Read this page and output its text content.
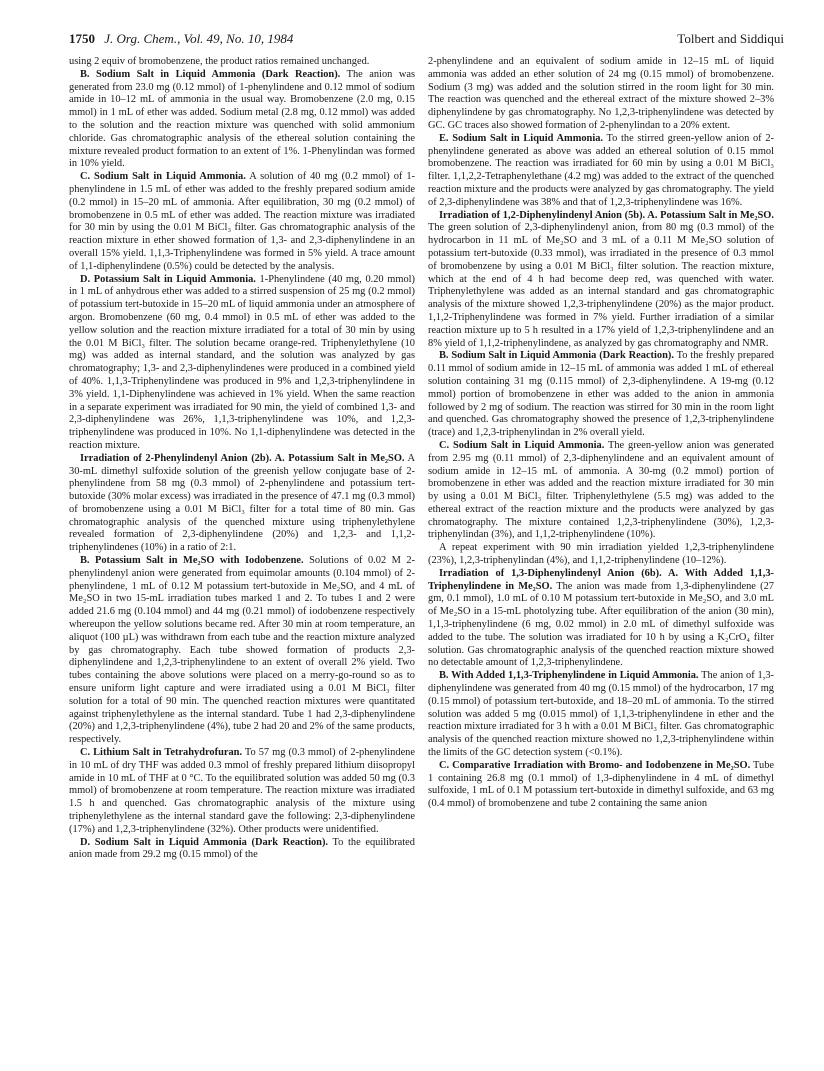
1750 J. Org. Chem., Vol. 49, No. 10, 1984	Tolbert and Siddiqui

using 2 equiv of bromobenzene, the product ratios remained unchanged.

B. Sodium Salt in Liquid Ammonia (Dark Reaction). The anion was generated from 23.0 mg (0.12 mmol) of 1-phenylindene and 0.12 mmol of sodium amide in 10–12 mL of ammonia in the usual way. Bromobenzene (2.0 mg, 0.15 mmol) in 1 mL of ether was added. Sodium metal (2.8 mg, 0.12 mmol) was added to the solution and the reaction mixture was quenched with solid ammonium chloride. Gas chromatographic analysis of the ethereal solution containing the mixture revealed product formation to an extent of 1%. 1-Phenylindan was formed in 10% yield.

C. Sodium Salt in Liquid Ammonia. A solution of 40 mg (0.2 mmol) of 1-phenylindene in 1.5 mL of ether was added to the freshly prepared sodium amide (0.2 mmol) in 15–20 mL of ammonia. After equilibration, 30 mg (0.2 mmol) of bromobenzene in 0.5 mL of ether was added. The reaction mixture was irradiated for 30 min by using the 0.01 M BiCl₃ filter. Gas chromatographic analysis of the reaction mixture in ether showed formation of 1,3- and 2,3-diphenylindene in an overall 15% yield. 1,1,3-Triphenylindene was formed in 5% yield. A trace amount of 1,1-diphenylindene (0.5%) could be detected by the analysis.

D. Potassium Salt in Liquid Ammonia. 1-Phenylindene (40 mg, 0.20 mmol) in 1 mL of anhydrous ether was added to a stirred suspension of 25 mg (0.2 mmol) of potassium tert-butoxide in 15–20 mL of liquid ammonia under an atmosphere of argon. Bromobenzene (60 mg, 0.4 mmol) in 0.5 mL of ether was added to the yellow solution and the reaction mixture irradiated for a total of 30 min by using the 0.01 M BiCl₃ filter. The solution became orange-red. Triphenylethylene (10 mg) was added as internal standard, and the solution was analyzed by gas chromatography; 1,3- and 2,3-diphenylindenes were produced in a combined yield of 40%. 1,1,3-Triphenylindene was produced in 9% and 1,2,3-triphenylindene in 3% yield. 1,1-Diphenylindene was achieved in 1% yield. When the same reaction in a separate experiment was irradiated for 90 min, the yield of combined 1,3- and 2,3-diphenylindene was 26%, 1,1,3-triphenylindene was 10%, and 1,2,3-triphenylindene was produced in 10%. No 1,1-diphenylindene was detected in the reaction mixture.

Irradiation of 2-Phenylindenyl Anion (2b). A. Potassium Salt in Me₂SO. A 30-mL dimethyl sulfoxide solution of the greenish yellow conjugate base of 2-phenylindene from 58 mg (0.3 mmol) of 2-phenylindene and potassium tert-butoxide (30% molar excess) was irradiated in the presence of 47.1 mg (0.3 mmol) of bromobenzene using a 0.01 M BiCl₃ filter for a total time of 80 min. Gas chromatographic analysis of the quenched mixture using triphenylethylene revealed formation of 2,3-diphenylindene (20%) and 1,2,3- and 1,1,2-triphenylindenes (10%) in a ratio of 2:1.

B. Potassium Salt in Me₂SO with Iodobenzene. Solutions of 0.02 M 2-phenylindenyl anion were generated from equimolar amounts (0.104 mmol) of 2-phenylindene, 1 mL of 0.12 M potassium tert-butoxide in Me₂SO, and 4 mL of Me₂SO in two 15-mL irradiation tubes marked 1 and 2. To tubes 1 and 2 were added 21.6 mg (0.104 mmol) and 44 mg (0.21 mmol) of iodobenzene respectively whereupon the yellow solutions became red. After 30 min at room temperature, an aliquot (100 µL) was withdrawn from each tube and the reaction mixture analyzed by gas chromatography. Each tube showed formation of products 2,3-diphenylindene and 1,2,3-triphenylindene to an extent of overall 2% yield. Two tubes containing the above solutions were placed on a merry-go-round so as to ensure uniform light capture and were irradiated using a 0.01 M BiCl₃ filter solution for a total of 90 min. The quenched reaction mixtures were quantitated against triphenylethylene as the internal standard. Tube 1 had 2,3-diphenylindene (20%) and 1,2,3-triphenylindene (4%), tube 2 had 20 and 2% of the same products, respectively.

C. Lithium Salt in Tetrahydrofuran. To 57 mg (0.3 mmol) of 2-phenylindene in 10 mL of dry THF was added 0.3 mmol of freshly prepared lithium diisopropyl amide in 10 mL of THF at 0 °C. To the equilibrated solution was added 50 mg (0.3 mmol) of bromobenzene at room temperature. The reaction mixture was irradiated 1.5 h and quenched. Gas chromatographic analysis of the mixture using triphenylethylene as the internal standard gave the following: 2,3-diphenylindene (17%) and 1,2,3-triphenylindene (32%). Other products were unidentified.

D. Sodium Salt in Liquid Ammonia (Dark Reaction). To the equilibrated anion made from 29.2 mg (0.15 mmol) of the

2-phenylindene and an equivalent of sodium amide in 12–15 mL of liquid ammonia was added an ether solution of 24 mg (0.15 mmol) of bromobenzene. Sodium (3 mg) was added and the solution stirred in the room light for 30 min. The reaction was quenched and the ethereal extract of the mixture showed 2–3% diphenylindene by gas chromatography. No 1,2,3-triphenylindene was detected by GC. GC traces also showed formation of 2-phenylindan to a 20% extent.

E. Sodium Salt in Liquid Ammonia. To the stirred green-yellow anion of 2-phenylindene generated as above was added an ethereal solution of 0.15 mmol bromobenzene. The reaction was irradiated for 60 min by using a 0.01 M BiCl₃ filter. 1,1,2,2-Tetraphenylethane (4.2 mg) was added to the extract of the quenched reaction mixture and the products were analyzed by gas chromatography. The yield of 2,3-diphenylindene was 38% and that of 1,2,3-triphenylindene was 16%.

Irradiation of 1,2-Diphenylindenyl Anion (5b). A. Potassium Salt in Me₂SO. The green solution of 2,3-diphenylindenyl anion, from 80 mg (0.3 mmol) of the hydrocarbon in 11 mL of Me₂SO and 3 mL of a 0.11 M Me₂SO solution of potassium tert-butoxide (0.33 mmol), was irradiated in the presence of 0.3 mmol of bromobenzene by using a 0.01 M BiCl₃ filter solution. The reaction mixture, which at the end of 4 h had become deep red, was quenched with water. Triphenylethylene was added as an internal standard and gas chromatographic analysis of the mixture showed 1,2,3-triphenylindene (20%) as the major product. 1,1,2-Triphenylindene was formed in 7% yield. Further irradiation of a similar reaction mixture up to 5 h resulted in a 17% yield of 1,2,3-triphenylindene and an 8% yield of 1,1,2-triphenylindene, as analyzed by gas chromatography and NMR.

B. Sodium Salt in Liquid Ammonia (Dark Reaction). To the freshly prepared 0.11 mmol of sodium amide in 12–15 mL of ammonia was added 1 mL of ethereal solution containing 31 mg (0.115 mmol) of 2,3-diphenylindene. A 19-mg (0.12 mmol) portion of bromobenzene in ether was added to the anion in ammonia followed by 2 mg of sodium. The reaction was stirred for 30 min in the room light and quenched. Gas chromatography showed the presence of 1,2,3-triphenylindene (trace) and 1,2,3-triphenylindan in 2% overall yield.

C. Sodium Salt in Liquid Ammonia. The green-yellow anion was generated from 2.95 mg (0.11 mmol) of 2,3-diphenylindene and an equivalent amount of sodium amide in 12–15 mL of ammonia. A 30-mg (0.2 mmol) portion of bromobenzene in ether was added and the reaction mixture irradiated for 30 min by using a 0.01 M BiCl₃ filter. Triphenylethylene (5.5 mg) was added to the ethereal extract of the reaction mixture and the products were analyzed by gas chromatography. The mixture contained 1,2,3-triphenylindene (30%), 1,2,3-triphenylindan (3%), and 1,1,2-triphenylindene (10%).

A repeat experiment with 90 min irradiation yielded 1,2,3-triphenylindene (23%), 1,2,3-triphenylindan (4%), and 1,1,2-triphenylindene (10–12%).

Irradiation of 1,3-Diphenylindenyl Anion (6b). A. With Added 1,1,3-Triphenylindene in Me₂SO. The anion was made from 1,3-diphenylindene (27 gm, 0.1 mmol), 1.0 mL of 0.10 M potassium tert-butoxide in Me₂SO, and 3.0 mL of Me₂SO in a 15-mL photolyzing tube. After equilibration of the anion (30 min), 1,1,3-triphenylindene (6 mg, 0.02 mmol) in 2.0 mL of dimethyl sulfoxide was added to the tube. The solution was irradiated for 10 h by using a K₂CrO₄ filter solution. Gas chromatographic analysis of the quenched reaction mixture showed no detectable amount of 1,2,3-triphenylindene.

B. With Added 1,1,3-Triphenylindene in Liquid Ammonia. The anion of 1,3-diphenylindene was generated from 40 mg (0.15 mmol) of the hydrocarbon, 17 mg (0.15 mmol) of potassium tert-butoxide, and 18–20 mL of ammonia. To the stirred solution was added 5 mg (0.015 mmol) of 1,1,3-triphenylindene in ether and the reaction mixture irradiated for 3 h with a 0.01 M BiCl₃ filter. Gas chromatographic analysis of the quenched reaction mixture showed no 1,2,3-triphenylindene within the limits of the GC detection system (<0.1%).

C. Comparative Irradiation with Bromo- and Iodobenzene in Me₂SO. Tube 1 containing 26.8 mg (0.1 mmol) of 1,3-diphenylindene in 4 mL of dimethyl sulfoxide, 1 mL of 0.1 M potassium tert-butoxide in dimethyl sulfoxide, and 63 mg (0.4 mmol) of bromobenzene and tube 2 containing the same anion
